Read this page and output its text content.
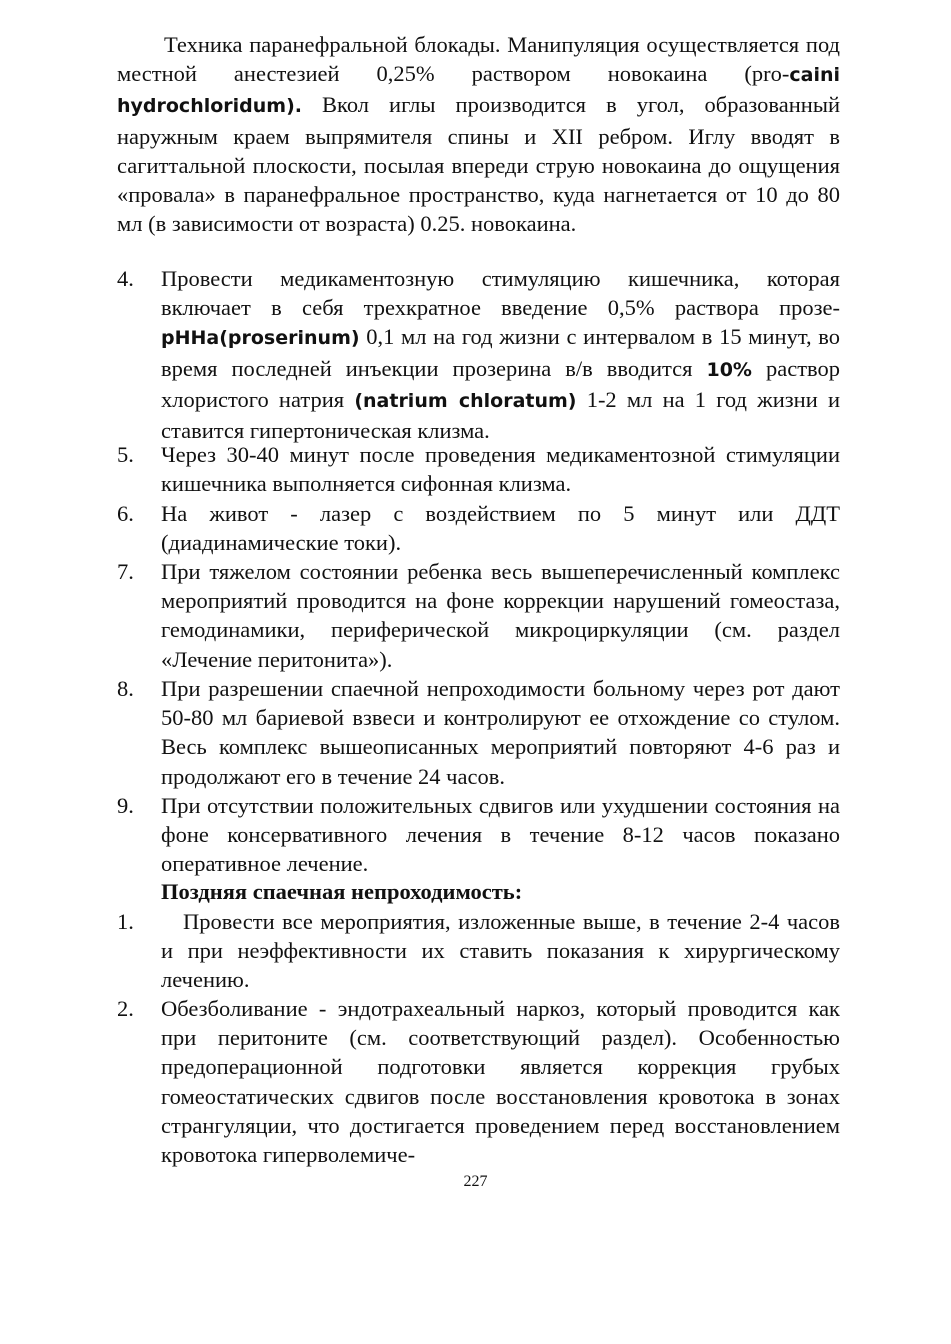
Техника паранефральной блокады. Манипуляция осуществляется под местной анестезией 0,25% раствором новокаина (pro-caini hydrochloridum). Вкол иглы производится в угол, образованный наружным краем выпрямителя спины и XII ребром. Иглу вводят в сагиттальной плоскости, посылая впереди струю новокаина до ощущения «провала» в паранефральное пространство, куда нагнетается от 10 до 80 мл (в зависимости от возраста) 0.25. новокаина.

4.	Провести медикаментозную стимуляцию кишечника, которая включает в себя трехкратное введение 0,5% раствора прозе-pHHa(proserinum) 0,1 мл на год жизни с интервалом в 15 минут, во время последней инъекции прозерина в/в вводится 10% раствор хлористого натрия (natrium chloratum) 1-2 мл на 1 год жизни и ставится гипертоническая клизма.
5.	Через 30-40 минут после проведения медикаментозной стимуляции кишечника выполняется сифонная клизма.
6.	На живот - лазер с воздействием по 5 минут или ДДТ (диадинамические токи).
7.	При тяжелом состоянии ребенка весь вышеперечисленный комплекс мероприятий проводится на фоне коррекции нарушений гомеостаза, гемодинамики, периферической микроциркуляции (см. раздел «Лечение перитонита»).
8.	При разрешении спаечной непроходимости больному через рот дают 50-80 мл бариевой взвеси и контролируют ее отхождение со стулом. Весь комплекс вышеописанных мероприятий повторяют 4-6 раз и продолжают его в течение 24 часов.
9.	При отсутствии положительных сдвигов или ухудшении состояния на фоне консервативного лечения в течение 8-12 часов показано оперативное лечение.

Поздняя спаечная непроходимость:

1.	Провести все мероприятия, изложенные выше, в течение 2-4 часов и при неэффективности их ставить показания к хирургическому лечению.
2.	Обезболивание - эндотрахеальный наркоз, который проводится как при перитоните (см. соответствующий раздел). Особенностью предоперационной подготовки является коррекция грубых гомеостатических сдвигов после восстановления кровотока в зонах странгуляции, что достигается проведением перед восстановлением кровотока гиперволемиче-
227
